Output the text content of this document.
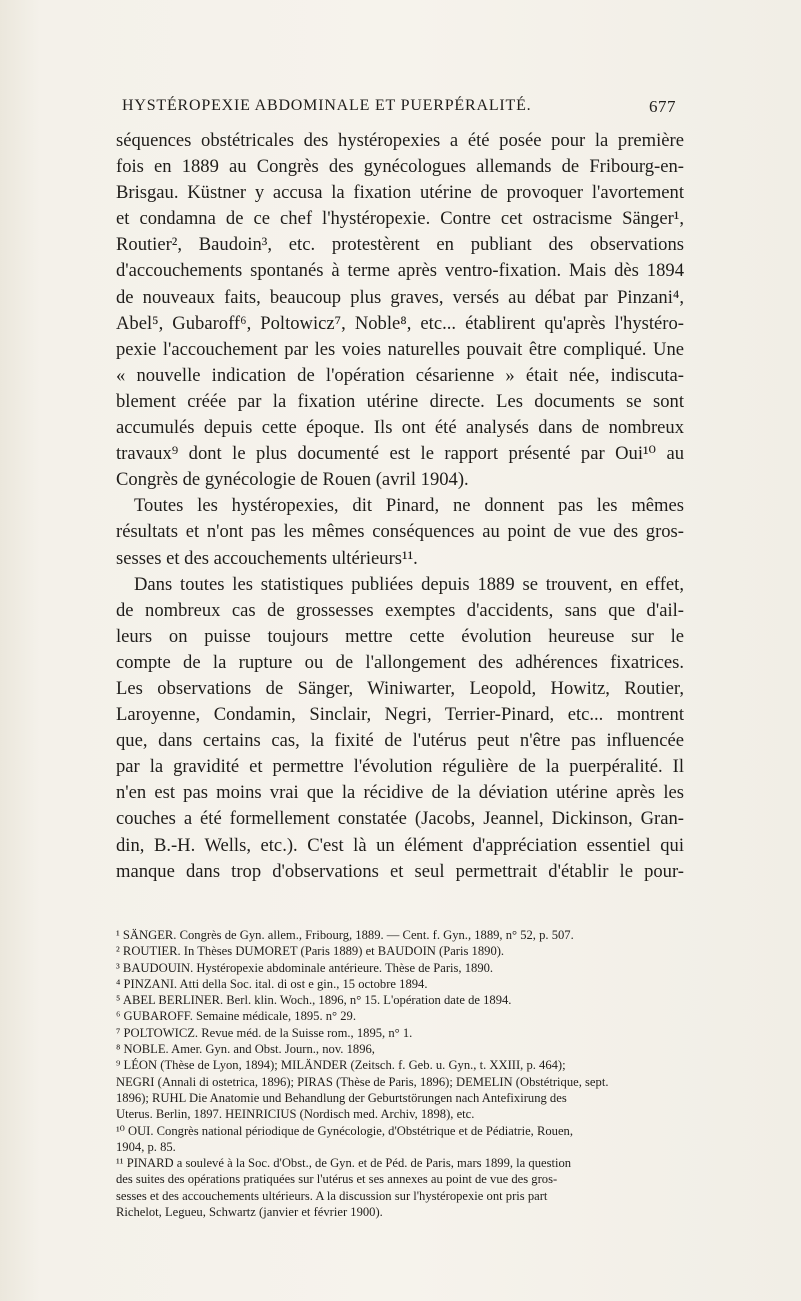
HYSTÉROPEXIE ABDOMINALE ET PUERPÉRALITÉ.	677
séquences obstétricales des hystéropexies a été posée pour la première
fois en 1889 au Congrès des gynécologues allemands de Fribourg-en-
Brisgau. Küstner y accusa la fixation utérine de provoquer l'avortement
et condamna de ce chef l'hystéropexie. Contre cet ostracisme Sänger¹,
Routier², Baudoin³, etc. protestèrent en publiant des observations
d'accouchements spontanés à terme après ventro-fixation. Mais dès 1894
de nouveaux faits, beaucoup plus graves, versés au débat par Pinzani⁴,
Abel⁵, Gubaroff⁶, Poltowicz⁷, Noble⁸, etc... établirent qu'après l'hystéro-
pexie l'accouchement par les voies naturelles pouvait être compliqué. Une
« nouvelle indication de l'opération césarienne » était née, indiscuta-
blement créée par la fixation utérine directe. Les documents se sont
accumulés depuis cette époque. Ils ont été analysés dans de nombreux
travaux⁹ dont le plus documenté est le rapport présenté par Oui¹⁰ au
Congrès de gynécologie de Rouen (avril 1904).
Toutes les hystéropexies, dit Pinard, ne donnent pas les mêmes
résultats et n'ont pas les mêmes conséquences au point de vue des gros-
sesses et des accouchements ultérieurs¹¹.
Dans toutes les statistiques publiées depuis 1889 se trouvent, en effet,
de nombreux cas de grossesses exemptes d'accidents, sans que d'ail-
leurs on puisse toujours mettre cette évolution heureuse sur le
compte de la rupture ou de l'allongement des adhérences fixatrices.
Les observations de Sänger, Winiwarter, Leopold, Howitz, Routier,
Laroyenne, Condamin, Sinclair, Negri, Terrier-Pinard, etc... montrent
que, dans certains cas, la fixité de l'utérus peut n'être pas influencée
par la gravidité et permettre l'évolution régulière de la puerpéralité. Il
n'en est pas moins vrai que la récidive de la déviation utérine après les
couches a été formellement constatée (Jacobs, Jeannel, Dickinson, Gran-
din, B.-H. Wells, etc.). C'est là un élément d'appréciation essentiel qui
manque dans trop d'observations et seul permettrait d'établir le pour-
¹ SÄNGER. Congrès de Gyn. allem., Fribourg, 1889. — Cent. f. Gyn., 1889, n° 52, p. 507.
² ROUTIER. In Thèses DUMORET (Paris 1889) et BAUDOIN (Paris 1890).
³ BAUDOUIN. Hystéropexie abdominale antérieure. Thèse de Paris, 1890.
⁴ PINZANI. Atti della Soc. ital. di ost e gin., 15 octobre 1894.
⁵ ABEL BERLINER. Berl. klin. Woch., 1896, n° 15. L'opération date de 1894.
⁶ GUBAROFF. Semaine médicale, 1895. n° 29.
⁷ POLTOWICZ. Revue méd. de la Suisse rom., 1895, n° 1.
⁸ NOBLE. Amer. Gyn. and Obst. Journ., nov. 1896,
⁹ LÉON (Thèse de Lyon, 1894); MILÄNDER (Zeitsch. f. Geb. u. Gyn., t. XXIII, p. 464);
NEGRI (Annali di ostetrica, 1896); PIRAS (Thèse de Paris, 1896); DEMELIN (Obstétrique, sept.
1896); RUHL Die Anatomie und Behandlung der Geburtstörungen nach Antefixirung des
Uterus. Berlin, 1897. HEINRICIUS (Nordisch med. Archiv, 1898), etc.
¹⁰ OUI. Congrès national périodique de Gynécologie, d'Obstétrique et de Pédiatrie, Rouen,
1904, p. 85.
¹¹ PINARD a soulevé à la Soc. d'Obst., de Gyn. et de Péd. de Paris, mars 1899, la question
des suites des opérations pratiquées sur l'utérus et ses annexes au point de vue des gros-
sesses et des accouchements ultérieurs. A la discussion sur l'hystéropexie ont pris part
Richelot, Legueu, Schwartz (janvier et février 1900).
